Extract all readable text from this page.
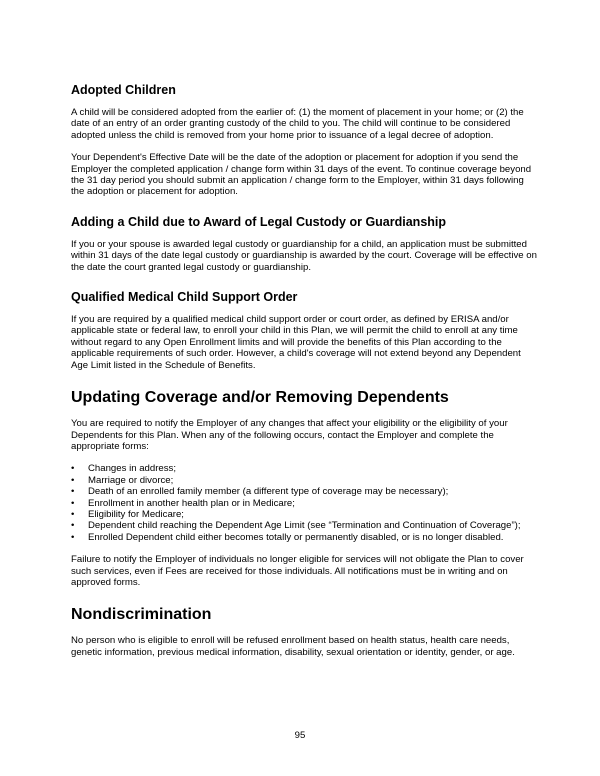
Adopted Children

A child will be considered adopted from the earlier of: (1) the moment of placement in your home; or (2) the date of an entry of an order granting custody of the child to you. The child will continue to be considered adopted unless the child is removed from your home prior to issuance of a legal decree of adoption.

Your Dependent's Effective Date will be the date of the adoption or placement for adoption if you send the Employer the completed application / change form within 31 days of the event. To continue coverage beyond the 31 day period you should submit an application / change form to the Employer, within 31 days following the adoption or placement for adoption.

Adding a Child due to Award of Legal Custody or Guardianship

If you or your spouse is awarded legal custody or guardianship for a child, an application must be submitted within 31 days of the date legal custody or guardianship is awarded by the court. Coverage will be effective on the date the court granted legal custody or guardianship.

Qualified Medical Child Support Order

If you are required by a qualified medical child support order or court order, as defined by ERISA and/or applicable state or federal law, to enroll your child in this Plan, we will permit the child to enroll at any time without regard to any Open Enrollment limits and will provide the benefits of this Plan according to the applicable requirements of such order. However, a child's coverage will not extend beyond any Dependent Age Limit listed in the Schedule of Benefits.

Updating Coverage and/or Removing Dependents

You are required to notify the Employer of any changes that affect your eligibility or the eligibility of your Dependents for this Plan. When any of the following occurs, contact the Employer and complete the appropriate forms:

• Changes in address;
• Marriage or divorce;
• Death of an enrolled family member (a different type of coverage may be necessary);
• Enrollment in another health plan or in Medicare;
• Eligibility for Medicare;
• Dependent child reaching the Dependent Age Limit (see “Termination and Continuation of Coverage”);
• Enrolled Dependent child either becomes totally or permanently disabled, or is no longer disabled.

Failure to notify the Employer of individuals no longer eligible for services will not obligate the Plan to cover such services, even if Fees are received for those individuals. All notifications must be in writing and on approved forms.

Nondiscrimination

No person who is eligible to enroll will be refused enrollment based on health status, health care needs, genetic information, previous medical information, disability, sexual orientation or identity, gender, or age.

95
